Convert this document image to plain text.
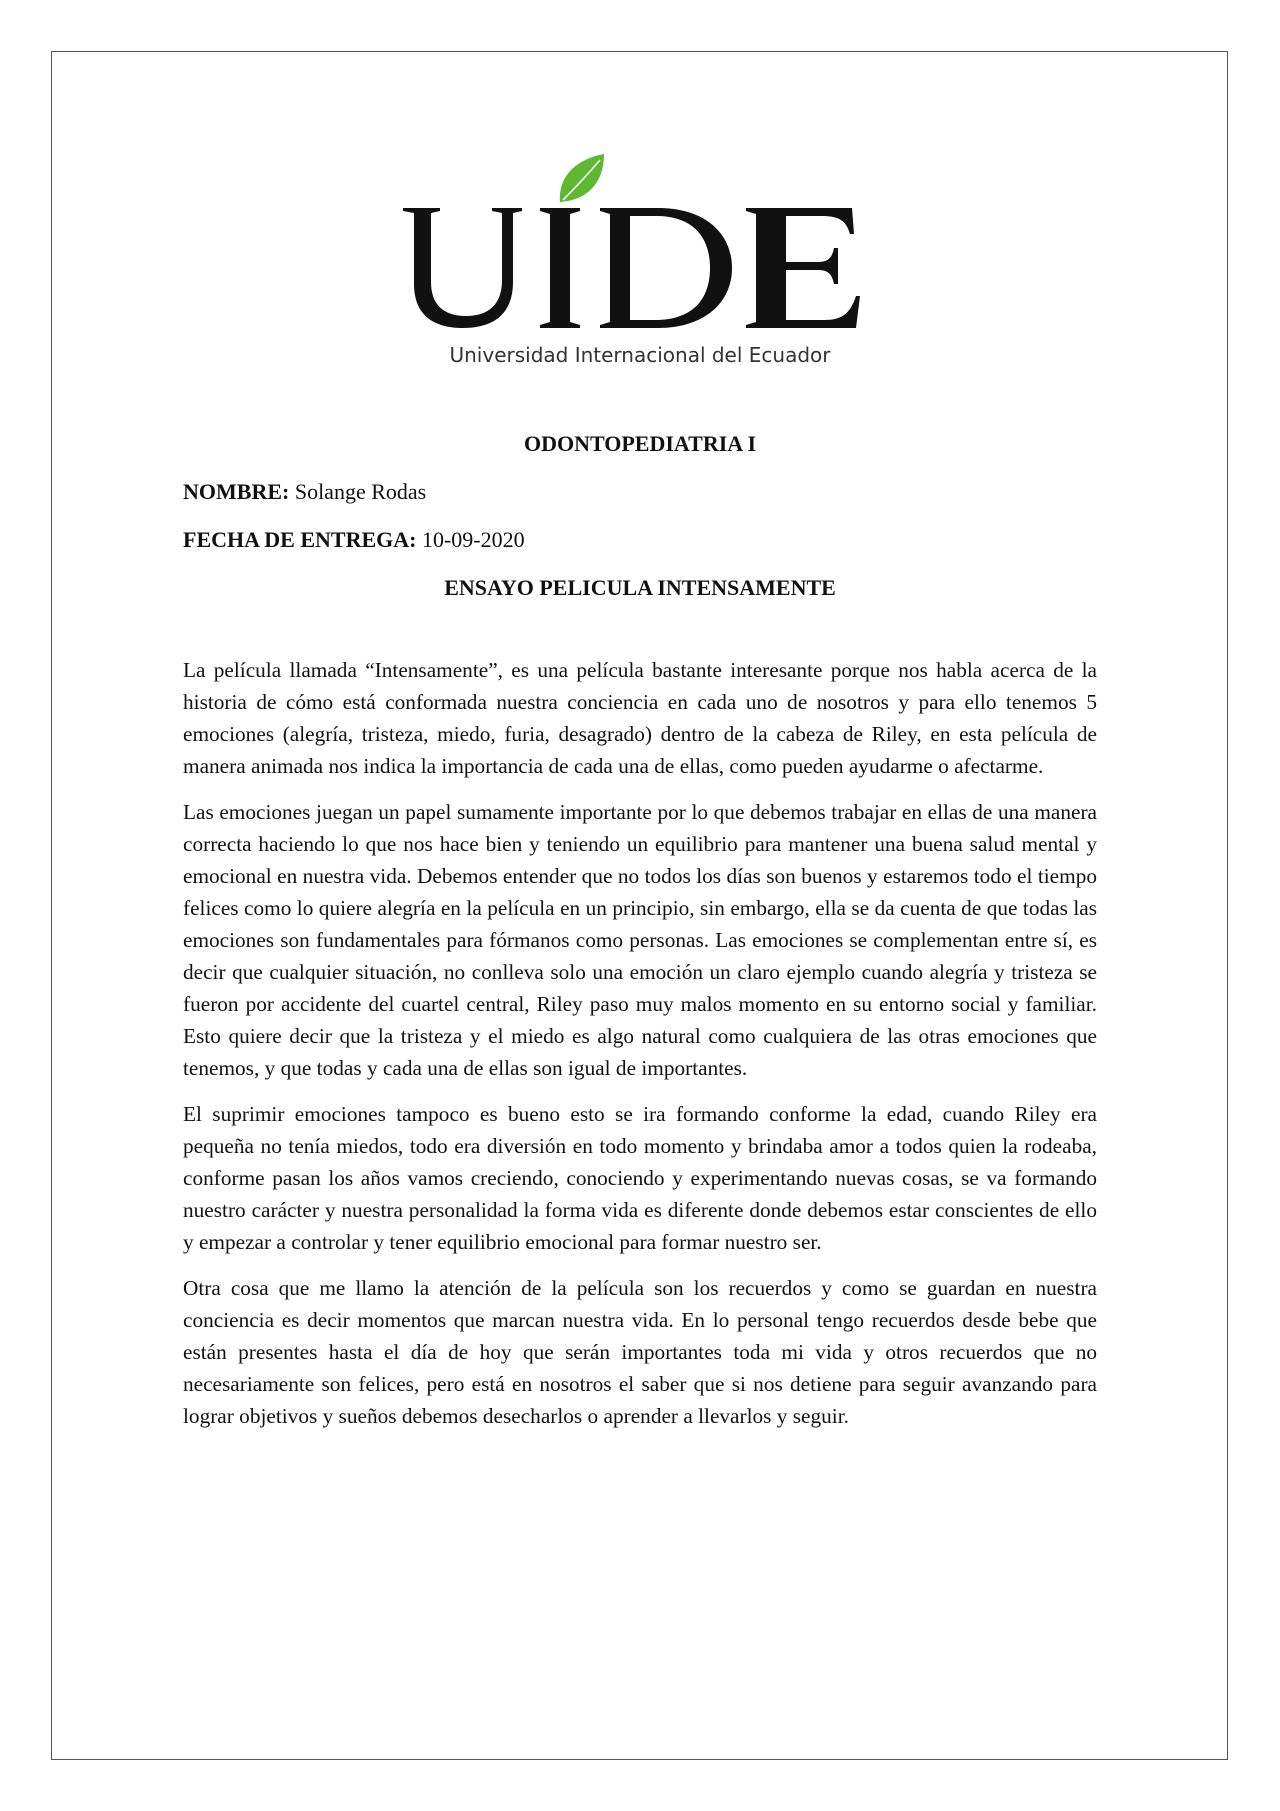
Universidad Internacional del Ecuador
ODONTOPEDIATRIA I
NOMBRE: Solange Rodas
FECHA DE ENTREGA: 10-09-2020
ENSAYO PELICULA INTENSAMENTE

La película llamada “Intensamente”, es una película bastante interesante porque nos habla acerca de la historia de cómo está conformada nuestra conciencia en cada uno de nosotros y para ello tenemos 5 emociones (alegría, tristeza, miedo, furia, desagrado) dentro de la cabeza de Riley, en esta película de manera animada nos indica la importancia de cada una de ellas, como pueden ayudarme o afectarme.

Las emociones juegan un papel sumamente importante por lo que debemos trabajar en ellas de una manera correcta haciendo lo que nos hace bien y teniendo un equilibrio para mantener una buena salud mental y emocional en nuestra vida. Debemos entender que no todos los días son buenos y estaremos todo el tiempo felices como lo quiere alegría en la película en un principio, sin embargo, ella se da cuenta de que todas las emociones son fundamentales para fórmanos como personas. Las emociones se complementan entre sí, es decir que cualquier situación, no conlleva solo una emoción un claro ejemplo cuando alegría y tristeza se fueron por accidente del cuartel central, Riley paso muy malos momento en su entorno social y familiar. Esto quiere decir que la tristeza y el miedo es algo natural como cualquiera de las otras emociones que tenemos, y que todas y cada una de ellas son igual de importantes.

El suprimir emociones tampoco es bueno esto se ira formando conforme la edad, cuando Riley era pequeña no tenía miedos, todo era diversión en todo momento y brindaba amor a todos quien la rodeaba, conforme pasan los años vamos creciendo, conociendo y experimentando nuevas cosas, se va formando nuestro carácter y nuestra personalidad la forma vida es diferente donde debemos estar conscientes de ello y empezar a controlar y tener equilibrio emocional para formar nuestro ser.

Otra cosa que me llamo la atención de la película son los recuerdos y como se guardan en nuestra conciencia es decir momentos que marcan nuestra vida. En lo personal tengo recuerdos desde bebe que están presentes hasta el día de hoy que serán importantes toda mi vida y otros recuerdos que no necesariamente son felices, pero está en nosotros el saber que si nos detiene para seguir avanzando para lograr objetivos y sueños debemos desecharlos o aprender a llevarlos y seguir.
